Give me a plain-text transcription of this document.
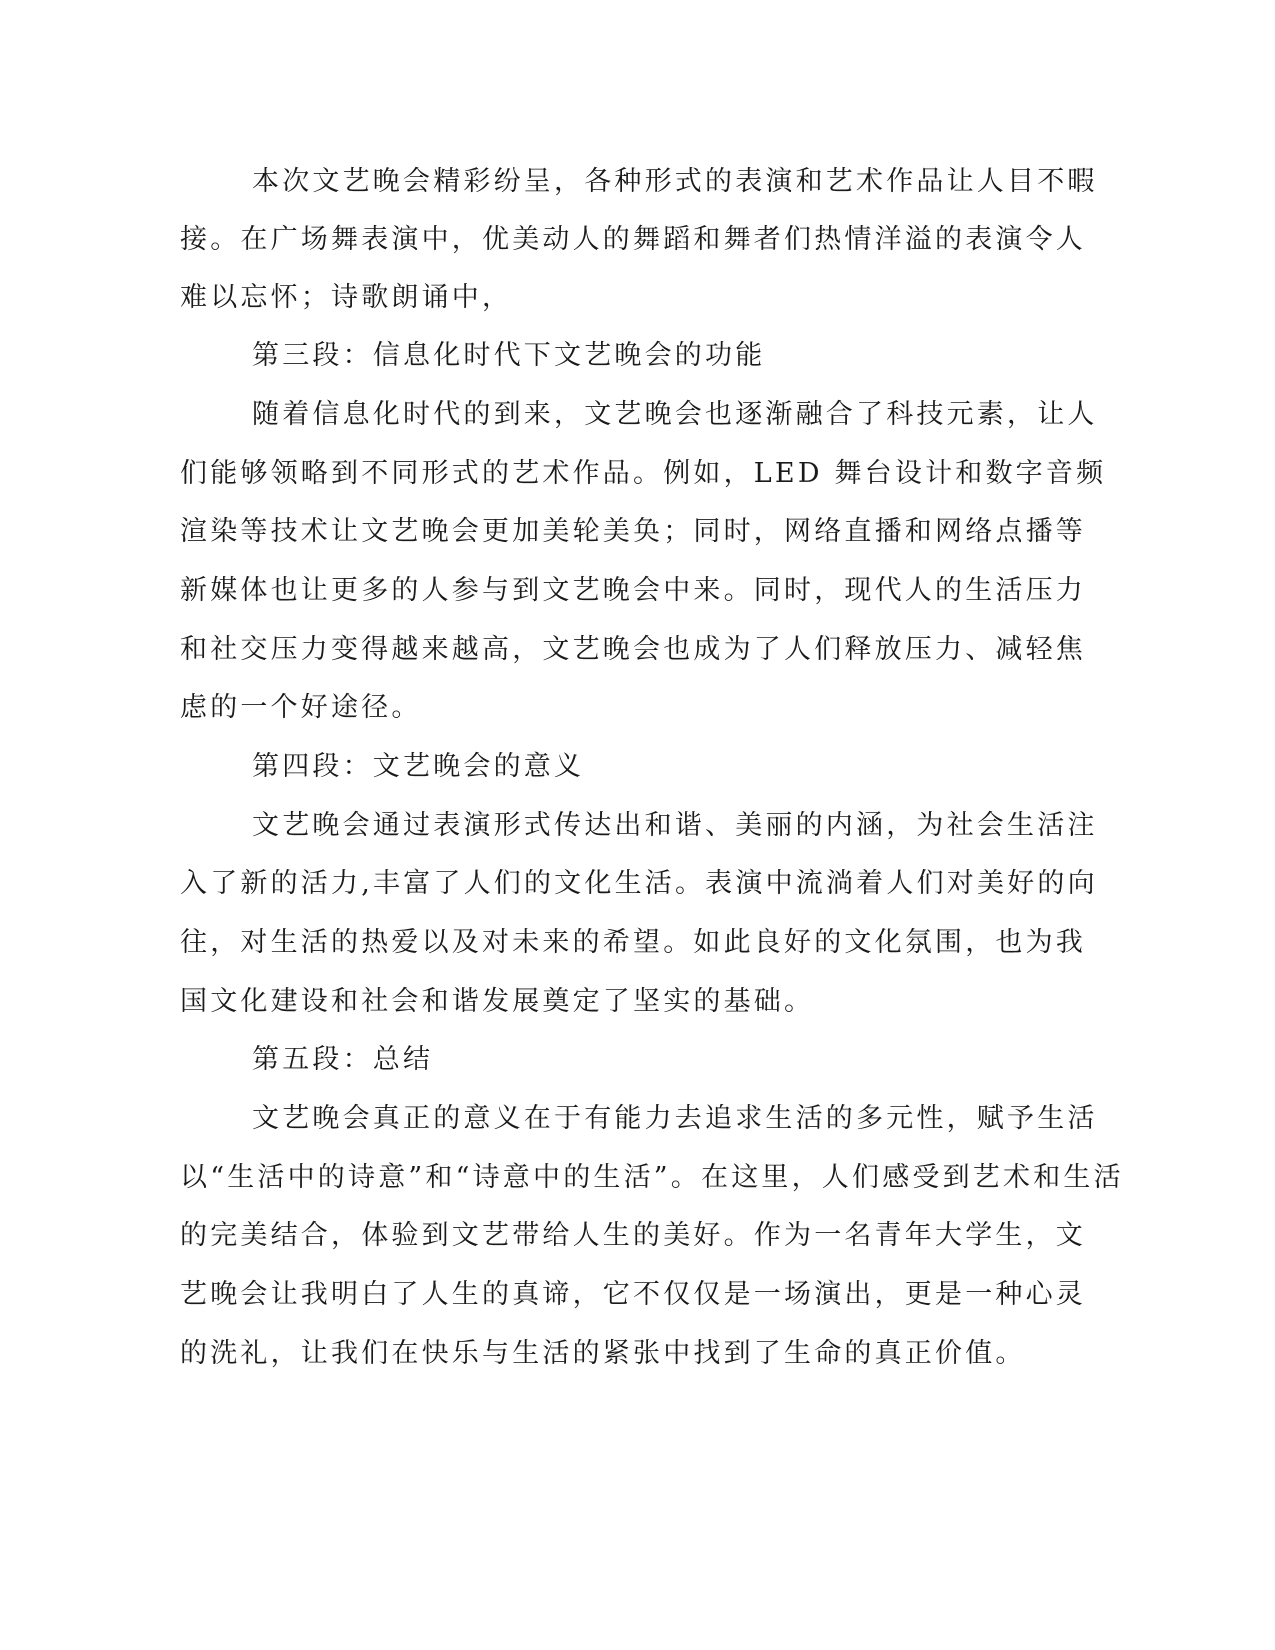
本次文艺晚会精彩纷呈，各种形式的表演和艺术作品让人目不暇
接。在广场舞表演中，优美动人的舞蹈和舞者们热情洋溢的表演令人
难以忘怀；诗歌朗诵中，
第三段：信息化时代下文艺晚会的功能
随着信息化时代的到来，文艺晚会也逐渐融合了科技元素，让人
们能够领略到不同形式的艺术作品。例如，LED 舞台设计和数字音频
渲染等技术让文艺晚会更加美轮美奂；同时，网络直播和网络点播等
新媒体也让更多的人参与到文艺晚会中来。同时，现代人的生活压力
和社交压力变得越来越高，文艺晚会也成为了人们释放压力、减轻焦
虑的一个好途径。
第四段：文艺晚会的意义
文艺晚会通过表演形式传达出和谐、美丽的内涵，为社会生活注
入了新的活力,丰富了人们的文化生活。表演中流淌着人们对美好的向
往，对生活的热爱以及对未来的希望。如此良好的文化氛围，也为我
国文化建设和社会和谐发展奠定了坚实的基础。
第五段：总结
文艺晚会真正的意义在于有能力去追求生活的多元性，赋予生活
以“生活中的诗意”和“诗意中的生活”。在这里，人们感受到艺术和生活
的完美结合，体验到文艺带给人生的美好。作为一名青年大学生，文
艺晚会让我明白了人生的真谛，它不仅仅是一场演出，更是一种心灵
的洗礼，让我们在快乐与生活的紧张中找到了生命的真正价值。
